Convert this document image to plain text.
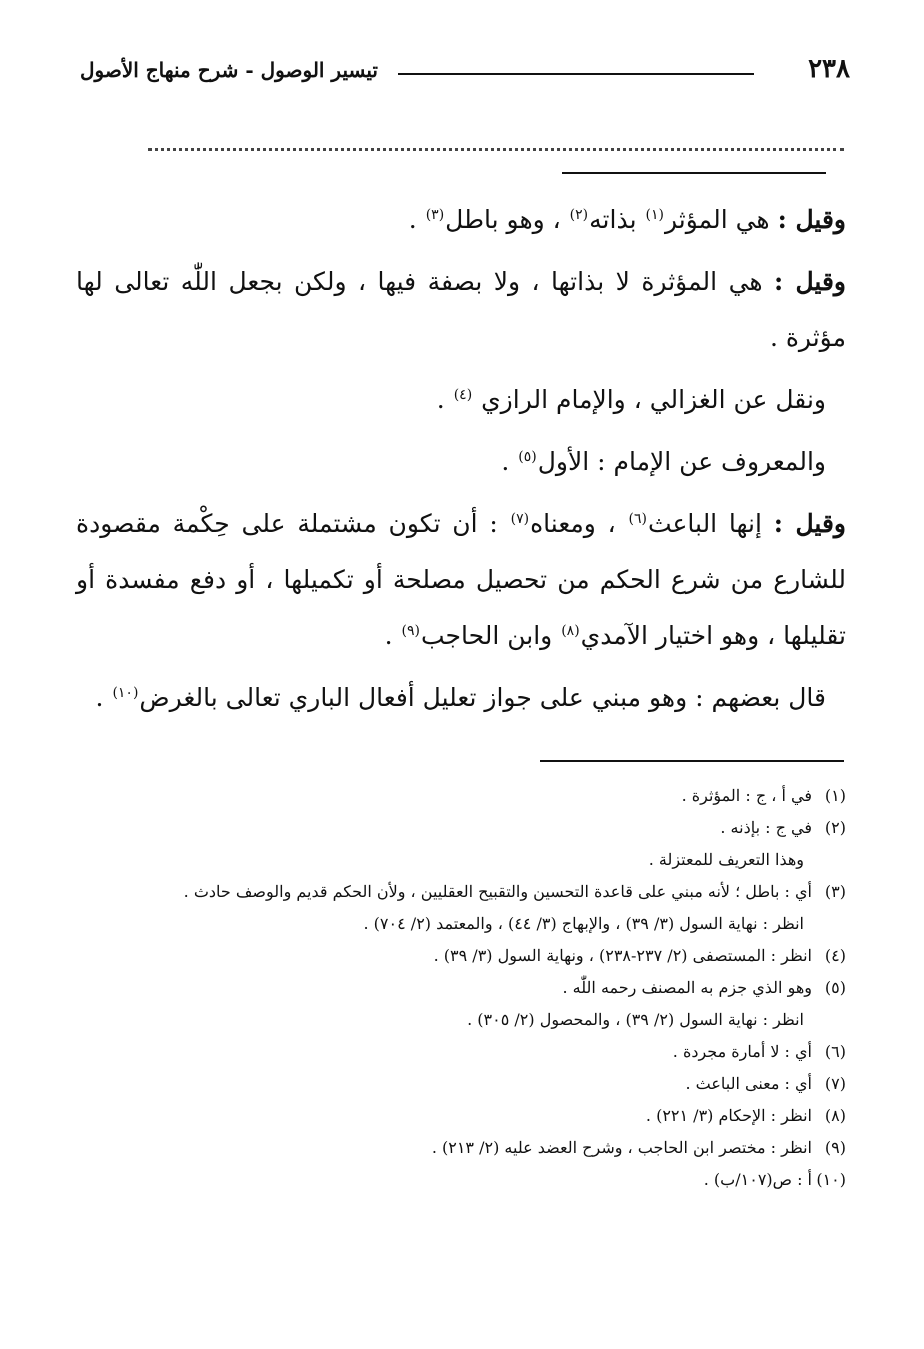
٢٣٨
تيسير الوصول - شرح منهاج الأصول

وقيل : هي المؤثر$^{(١)}$ بذاته$^{(٢)}$ ، وهو باطل$^{(٣)}$ .

وقيل : هي المؤثرة لا بذاتها ، ولا بصفة فيها ، ولكن بجعل اللّٰه تعالى لها مؤثرة .

ونقل عن الغزالي ، والإمام الرازي $^{(٤)}$ .

والمعروف عن الإمام : الأول$^{(٥)}$ .

وقيل : إنها الباعث$^{(٦)}$ ، ومعناه$^{(٧)}$ : أن تكون مشتملة على حِكْمة مقصودة للشارع من شرع الحكم من تحصيل مصلحة أو تكميلها ، أو دفع مفسدة أو تقليلها ، وهو اختيار الآمدي$^{(٨)}$ وابن الحاجب$^{(٩)}$ .

قال بعضهم : وهو مبني على جواز تعليل أفعال الباري تعالى بالغرض$^{(١٠)}$ .

(١)في أ ، ج : المؤثرة .

(٢)في ج : بإذنه .

وهذا التعريف للمعتزلة .

(٣)أي : باطل ؛ لأنه مبني على قاعدة التحسين والتقبيح العقليين ، ولأن الحكم قديم والوصف حادث .

انظر : نهاية السول (٣/ ٣٩) ، والإبهاج (٣/ ٤٤) ، والمعتمد (٢/ ٧٠٤) .

(٤)انظر : المستصفى (٢/ ٢٣٧-٢٣٨) ، ونهاية السول (٣/ ٣٩) .

(٥)وهو الذي جزم به المصنف رحمه اللّٰه .

انظر : نهاية السول (٢/ ٣٩) ، والمحصول (٢/ ٣٠٥) .

(٦)أي : لا أمارة مجردة .

(٧)أي : معنى الباعث .

(٨)انظر : الإحكام (٣/ ٢٢١) .

(٩)انظر : مختصر ابن الحاجب ، وشرح العضد عليه (٢/ ٢١٣) .

(١٠)أ : ص(١٠٧/ب) .
